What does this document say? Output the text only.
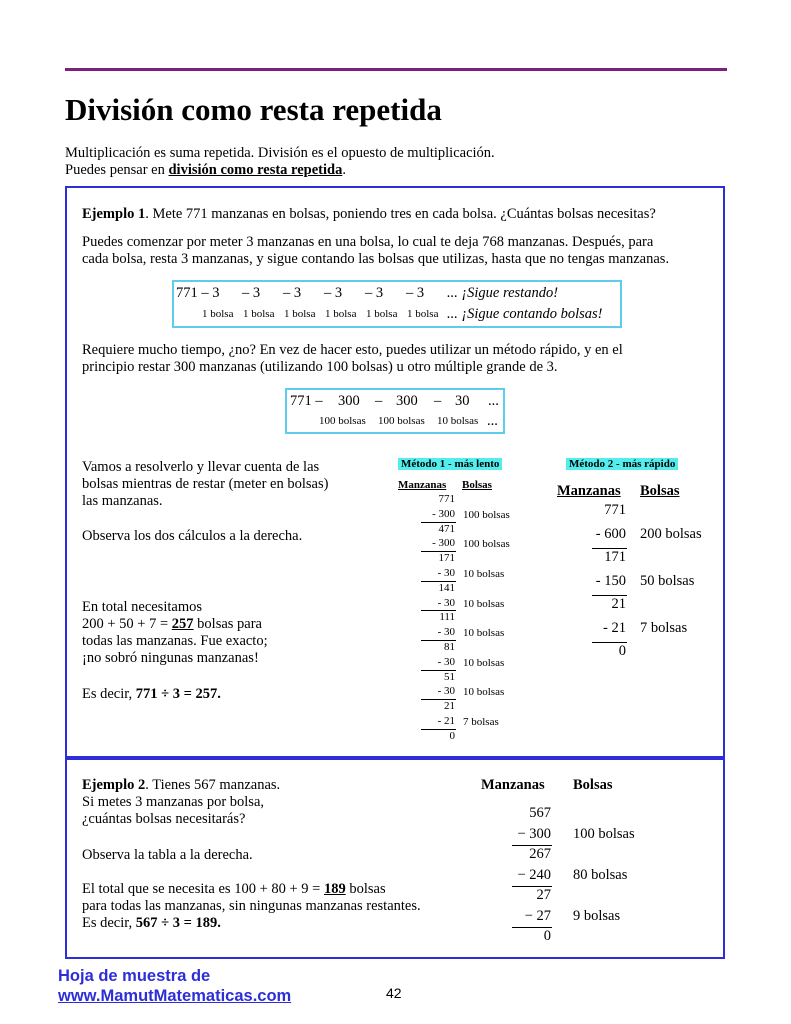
División como resta repetida
Multiplicación es suma repetida. División es el opuesto de multiplicación.
Puedes pensar en división como resta repetida.
Ejemplo 1. Mete 771 manzanas en bolsas, poniendo tres en cada bolsa. ¿Cuántas bolsas necesitas?
Puedes comenzar por meter 3 manzanas en una bolsa, lo cual te deja 768 manzanas. Después, para
cada bolsa, resta 3 manzanas, y sigue contando las bolsas que utilizas, hasta que no tengas manzanas.
771 – 3 – 3 – 3 – 3 – 3 – 3 ... ¡Sigue restando!
1 bolsa 1 bolsa 1 bolsa 1 bolsa 1 bolsa 1 bolsa ... ¡Sigue contando bolsas!
Requiere mucho tiempo, ¿no? En vez de hacer esto, puedes utilizar un método rápido, y en el
principio restar 300 manzanas (utilizando 100 bolsas) u otro múltiple grande de 3.
771 – 300 – 300 – 30 ...
100 bolsas 100 bolsas 10 bolsas ...
Vamos a resolverlo y llevar cuenta de las
bolsas mientras de restar (meter en bolsas)
las manzanas.
Observa los dos cálculos a la derecha.
En total necesitamos
200 + 50 + 7 = 257 bolsas para
todas las manzanas. Fue exacto;
¡no sobró ningunas manzanas!
Es decir, 771 ÷ 3 = 257.
Método 1 - más lento
Manzanas Bolsas
771
- 300 100 bolsas
471
- 300 100 bolsas
171
- 30 10 bolsas
141
- 30 10 bolsas
111
- 30 10 bolsas
81
- 30 10 bolsas
51
- 30 10 bolsas
21
- 21 7 bolsas
0
Método 2 - más rápido
Manzanas Bolsas
771
- 600 200 bolsas
171
- 150 50 bolsas
21
- 21 7 bolsas
0
Ejemplo 2. Tienes 567 manzanas.
Si metes 3 manzanas por bolsa,
¿cuántas bolsas necesitarás?
Observa la tabla a la derecha.
El total que se necesita es 100 + 80 + 9 = 189 bolsas
para todas las manzanas, sin ningunas manzanas restantes.
Es decir, 567 ÷ 3 = 189.
Manzanas Bolsas
567
− 300 100 bolsas
267
− 240 80 bolsas
27
− 27 9 bolsas
0
Hoja de muestra de
www.MamutMatematicas.com	42
